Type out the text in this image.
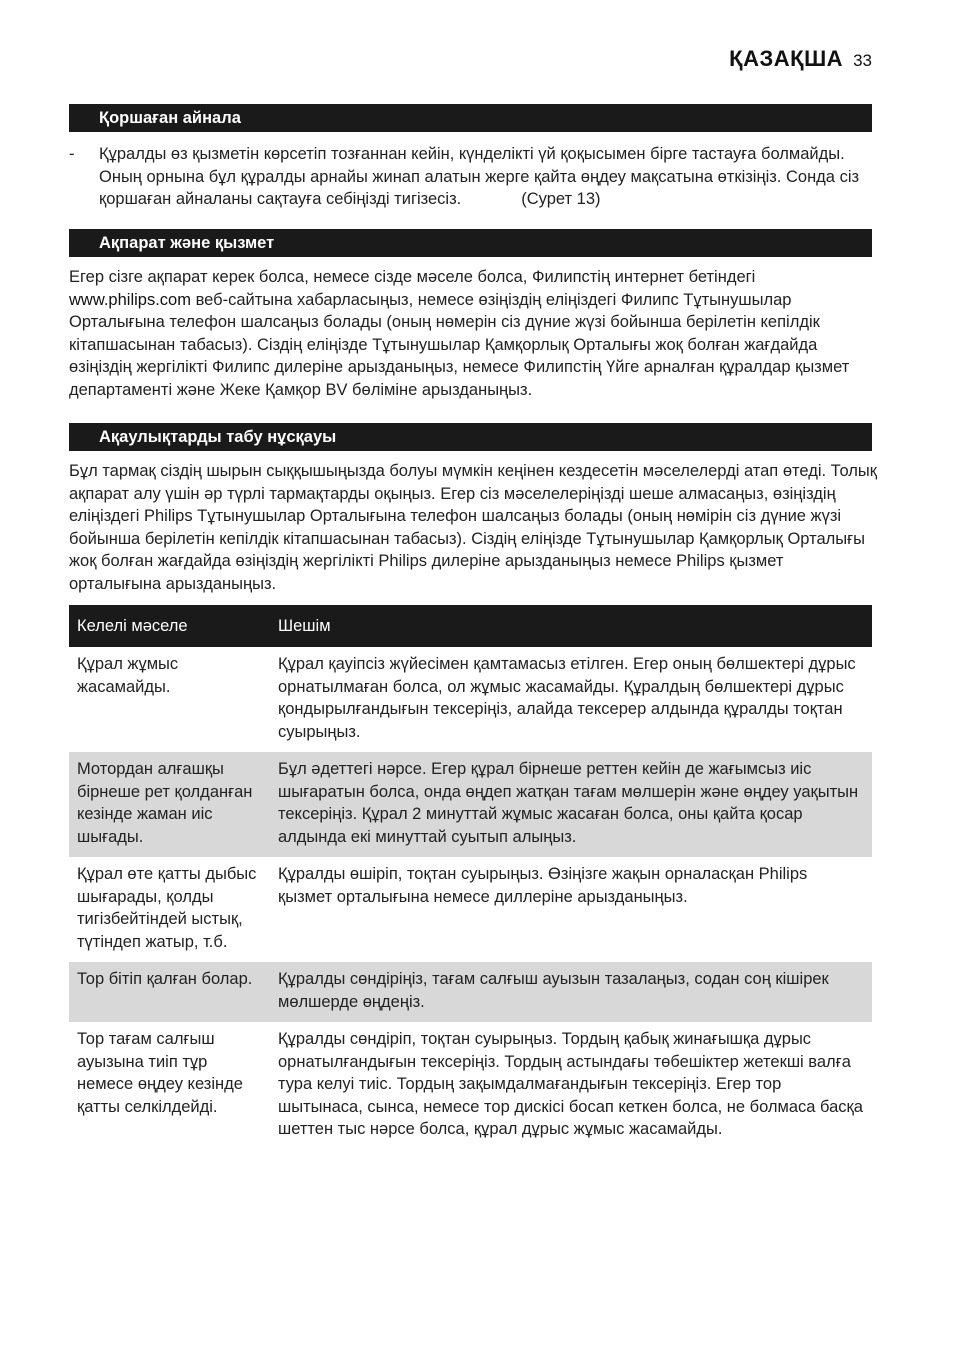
ҚАЗАҚША 33
Қоршаған айнала
- Құралды өз қызметін көрсетіп тозғаннан кейін, күнделікті үй қоқысымен бірге тастауға болмайды. Оның орнына бұл құралды арнайы жинап алатын жерге қайта өңдеу мақсатына өткізіңіз. Сонда сіз қоршаған айналаны сақтауға себіңізді тигізесіз.	(Сурет 13)
Ақпарат және қызмет
Егер сізге ақпарат керек болса, немесе сізде мәселе болса, Филипстің интернет бетіндегі www.philips.com веб-сайтына хабарласыңыз, немесе өзіңіздің еліңіздегі Филипс Тұтынушылар Орталығына телефон шалсаңыз болады (оның нөмерін сіз дүние жүзі бойынша берілетін кепілдік кітапшасынан табасыз). Сіздің еліңізде Тұтынушылар Қамқорлық Орталығы жоқ болған жағдайда өзіңіздің жергілікті Филипс дилеріне арызданыңыз, немесе Филипстің Үйге арналған құралдар қызмет департаменті және Жеке Қамқор BV бөліміне арызданыңыз.
Ақаулықтарды табу нұсқауы
Бұл тармақ сіздің шырын сыққышыңызда болуы мүмкін кеңінен кездесетін мәселелерді атап өтеді. Толық ақпарат алу үшін әр түрлі тармақтарды оқыңыз. Егер сіз мәселелеріңізді шеше алмасаңыз, өзіңіздің еліңіздегі Philips Тұтынушылар Орталығына телефон шалсаңыз болады (оның нөмірін сіз дүние жүзі бойынша берілетін кепілдік кітапшасынан табасыз). Сіздің еліңізде Тұтынушылар Қамқорлық Орталығы жоқ болған жағдайда өзіңіздің жергілікті Philips дилеріне арызданыңыз немесе Philips қызмет орталығына арызданыңыз.
Келелі мәселе	Шешім
Құрал жұмыс жасамайды.	Құрал қауіпсіз жүйесімен қамтамасыз етілген. Егер оның бөлшектері дұрыс орнатылмаған болса, ол жұмыс жасамайды. Құралдың бөлшектері дұрыс қондырылғандығын тексеріңіз, алайда тексерер алдында құралды тоқтан суырыңыз.
Мотордан алғашқы бірнеше рет қолданған кезінде жаман иіс шығады.	Бұл әдеттегі нәрсе. Егер құрал бірнеше реттен кейін де жағымсыз иіс шығаратын болса, онда өңдеп жатқан тағам мөлшерін және өңдеу уақытын тексеріңіз. Құрал 2 минуттай жұмыс жасаған болса, оны қайта қосар алдында екі минуттай суытып алыңыз.
Құрал өте қатты дыбыс шығарады, қолды тигізбейтіндей ыстық, түтіндеп жатыр, т.б.	Құралды өшіріп, тоқтан суырыңыз. Өзіңізге жақын орналасқан Philips қызмет орталығына немесе диллеріне арызданыңыз.
Тор бітіп қалған болар.	Құралды сөндіріңіз, тағам салғыш ауызын тазалаңыз, содан соң кішірек мөлшерде өңдеңіз.
Тор тағам салғыш ауызына тиіп тұр немесе өңдеу кезінде қатты селкілдейді.	Құралды сөндіріп, тоқтан суырыңыз. Тордың қабық жинағышқа дұрыс орнатылғандығын тексеріңіз. Тордың астындағы төбешіктер жетекші валға тура келуі тиіс. Тордың зақымдалмағандығын тексеріңіз. Егер тор шытынаса, сынса, немесе тор дискісі босап кеткен болса, не болмаса басқа шеттен тыс нәрсе болса, құрал дұрыс жұмыс жасамайды.
